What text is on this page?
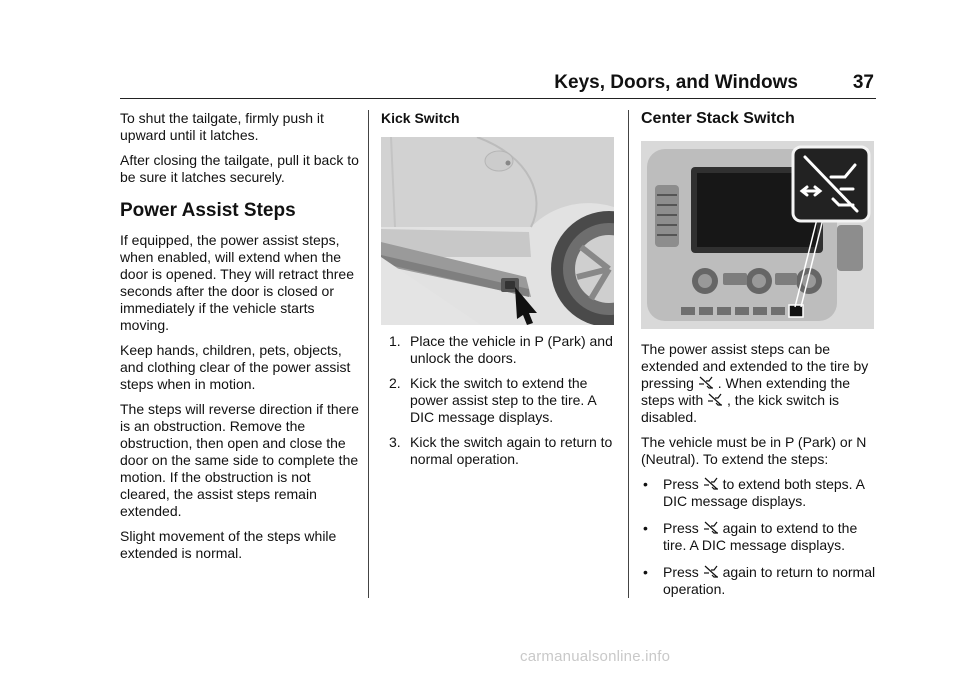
Keys, Doors, and Windows	37

To shut the tailgate, firmly push it upward until it latches.

After closing the tailgate, pull it back to be sure it latches securely.

Power Assist Steps

If equipped, the power assist steps, when enabled, will extend when the door is opened. They will retract three seconds after the door is closed or immediately if the vehicle starts moving.

Keep hands, children, pets, objects, and clothing clear of the power assist steps when in motion.

The steps will reverse direction if there is an obstruction. Remove the obstruction, then open and close the door on the same side to complete the motion. If the obstruction is not cleared, the assist steps remain extended.

Slight movement of the steps while extended is normal.

Kick Switch
1. Place the vehicle in P (Park) and unlock the doors.
2. Kick the switch to extend the power assist step to the tire. A DIC message displays.
3. Kick the switch again to return to normal operation.
Center Stack Switch

The power assist steps can be extended and extended to the tire by pressing . When extending the steps with , the kick switch is disabled.

The vehicle must be in P (Park) or N (Neutral). To extend the steps:

•	Press to extend both steps. A DIC message displays.
•	Press again to extend to the tire. A DIC message displays.
•	Press again to return to normal operation.
carmanualsonline.info
